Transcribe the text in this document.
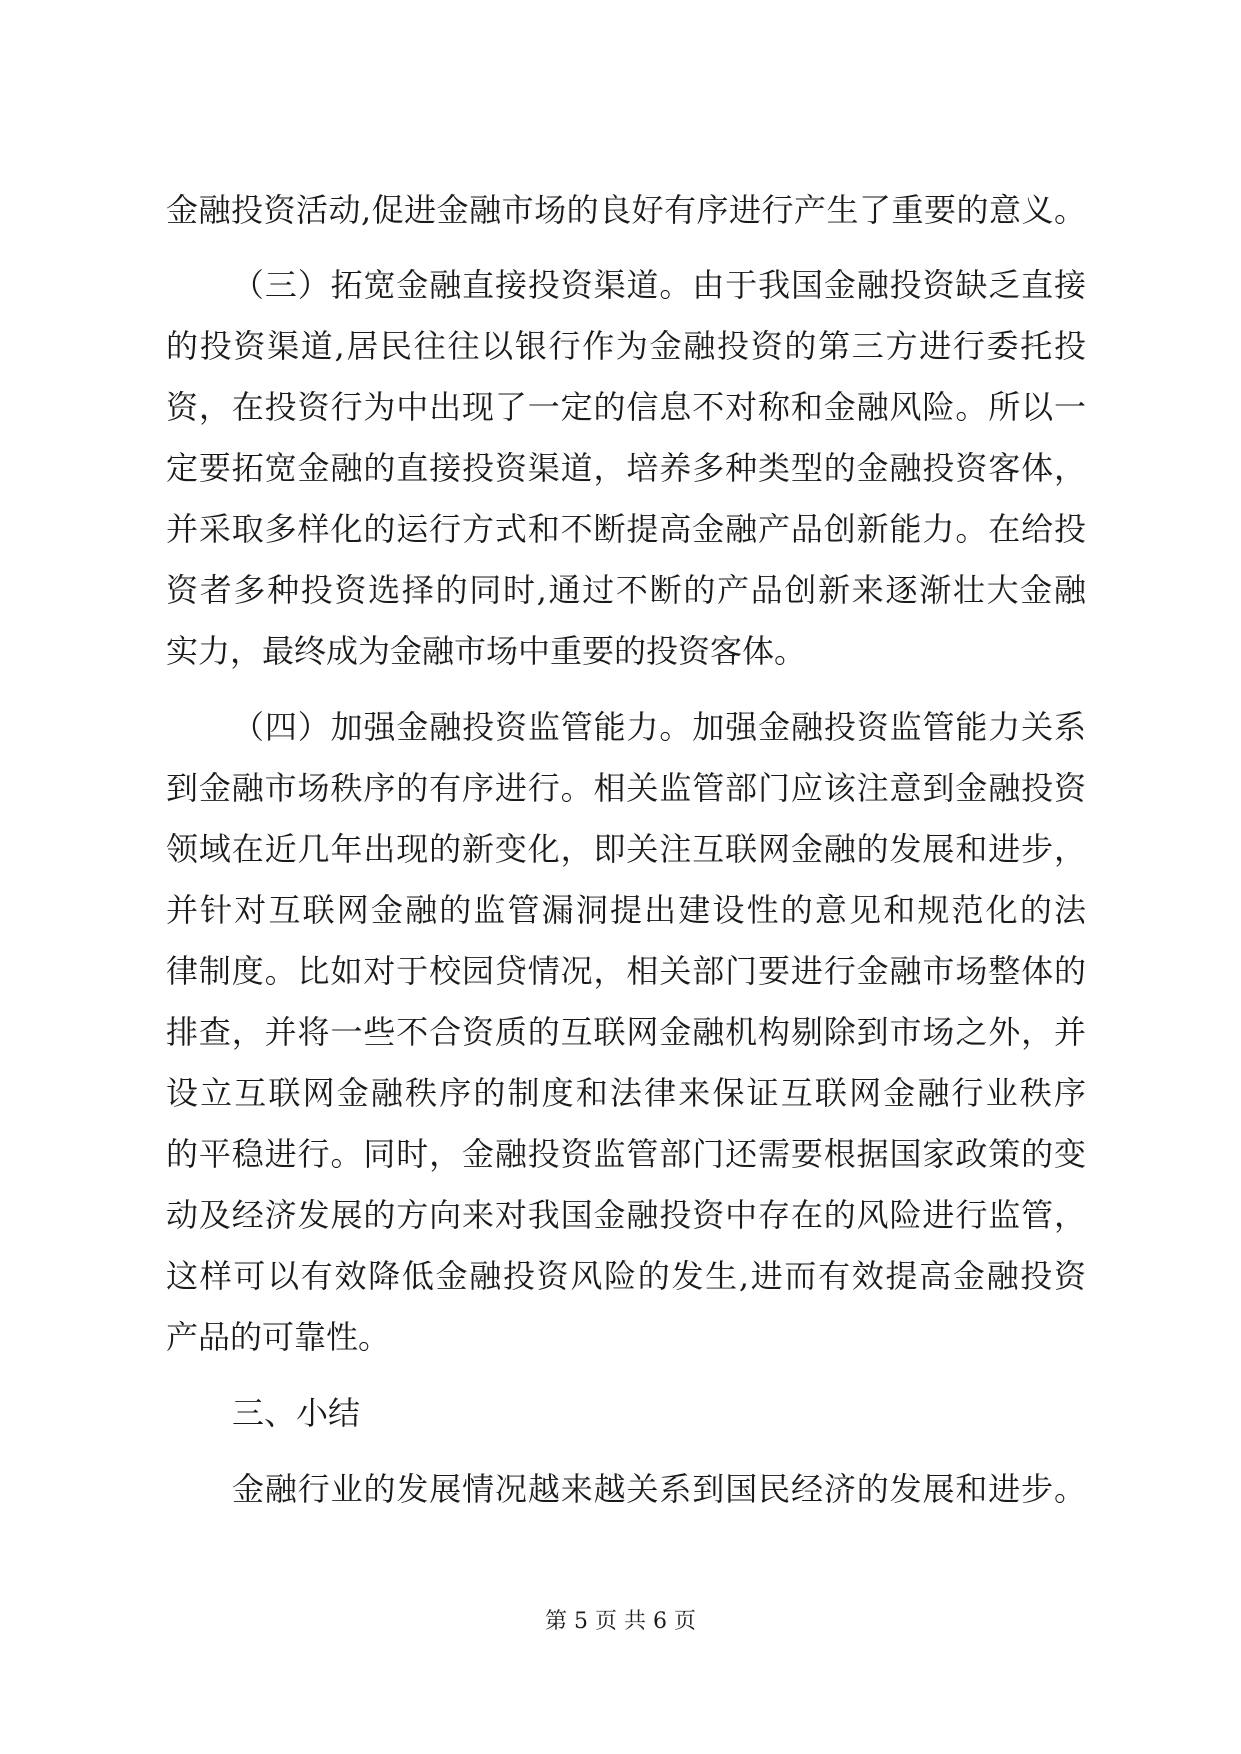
金融投资活动,促进金融市场的良好有序进行产生了重要的意义。
（三）拓宽金融直接投资渠道。由于我国金融投资缺乏直接
的投资渠道,居民往往以银行作为金融投资的第三方进行委托投
资，在投资行为中出现了一定的信息不对称和金融风险。所以一
定要拓宽金融的直接投资渠道，培养多种类型的金融投资客体，
并采取多样化的运行方式和不断提高金融产品创新能力。在给投
资者多种投资选择的同时,通过不断的产品创新来逐渐壮大金融
实力，最终成为金融市场中重要的投资客体。
（四）加强金融投资监管能力。加强金融投资监管能力关系
到金融市场秩序的有序进行。相关监管部门应该注意到金融投资
领域在近几年出现的新变化，即关注互联网金融的发展和进步，
并针对互联网金融的监管漏洞提出建设性的意见和规范化的法
律制度。比如对于校园贷情况，相关部门要进行金融市场整体的
排查，并将一些不合资质的互联网金融机构剔除到市场之外，并
设立互联网金融秩序的制度和法律来保证互联网金融行业秩序
的平稳进行。同时，金融投资监管部门还需要根据国家政策的变
动及经济发展的方向来对我国金融投资中存在的风险进行监管，
这样可以有效降低金融投资风险的发生,进而有效提高金融投资
产品的可靠性。
三、小结
金融行业的发展情况越来越关系到国民经济的发展和进步。
第 5 页 共 6 页
